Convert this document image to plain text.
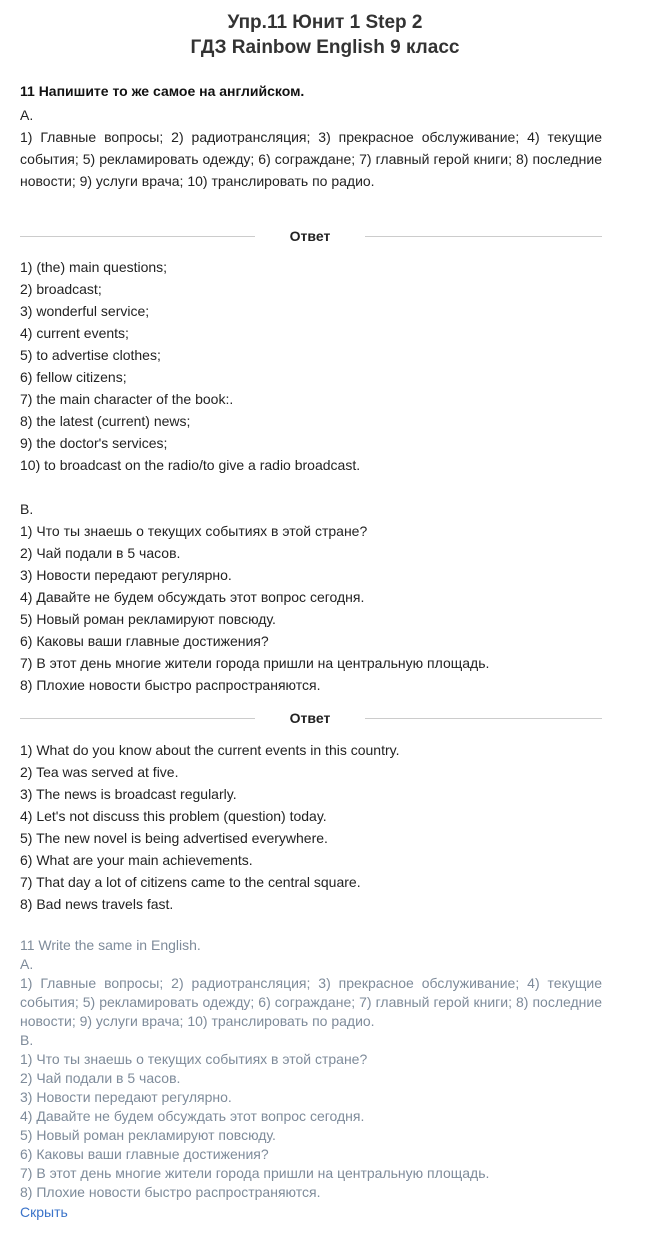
Упр.11 Юнит 1 Step 2
ГДЗ Rainbow English 9 класс
11 Напишите то же самое на английском.
A.

1) Главные вопросы; 2) радиотрансляция; 3) прекрасное обслуживание; 4) текущие события; 5) рекламировать одежду; 6) сограждане; 7) главный герой книги; 8) последние новости; 9) услуги врача; 10) транслировать по радио.

Ответ
1) (the) main questions;
2) broadcast;
3) wonderful service;
4) current events;
5) to advertise clothes;
6) fellow citizens;
7) the main character of the book:.
8) the latest (current) news;
9) the doctor's services;
10) to broadcast on the radio/to give a radio broadcast.
B.
1) Что ты знаешь о текущих событиях в этой стране?
2) Чай подали в 5 часов.
3) Новости передают регулярно.
4) Давайте не будем обсуждать этот вопрос сегодня.
5) Новый роман рекламируют повсюду.
6) Каковы ваши главные достижения?
7) В этот день многие жители города пришли на центральную площадь.
8) Плохие новости быстро распространяются.
Ответ
1) What do you know about the current events in this country.
2) Tea was served at five.
3) The news is broadcast regularly.
4) Let's not discuss this problem (question) today.
5) The new novel is being advertised everywhere.
6) What are your main achievements.
7) That day a lot of citizens came to the central square.
8) Bad news travels fast.
11 Write the same in English.
A.

1) Главные вопросы; 2) радиотрансляция; 3) прекрасное обслуживание; 4) текущие события; 5) рекламировать одежду; 6) сограждане; 7) главный герой книги; 8) последние новости; 9) услуги врача; 10) транслировать по радио.

B.
1) Что ты знаешь о текущих событиях в этой стране?
2) Чай подали в 5 часов.
3) Новости передают регулярно.
4) Давайте не будем обсуждать этот вопрос сегодня.
5) Новый роман рекламируют повсюду.
6) Каковы ваши главные достижения?
7) В этот день многие жители города пришли на центральную площадь.
8) Плохие новости быстро распространяются.
Скрыть
